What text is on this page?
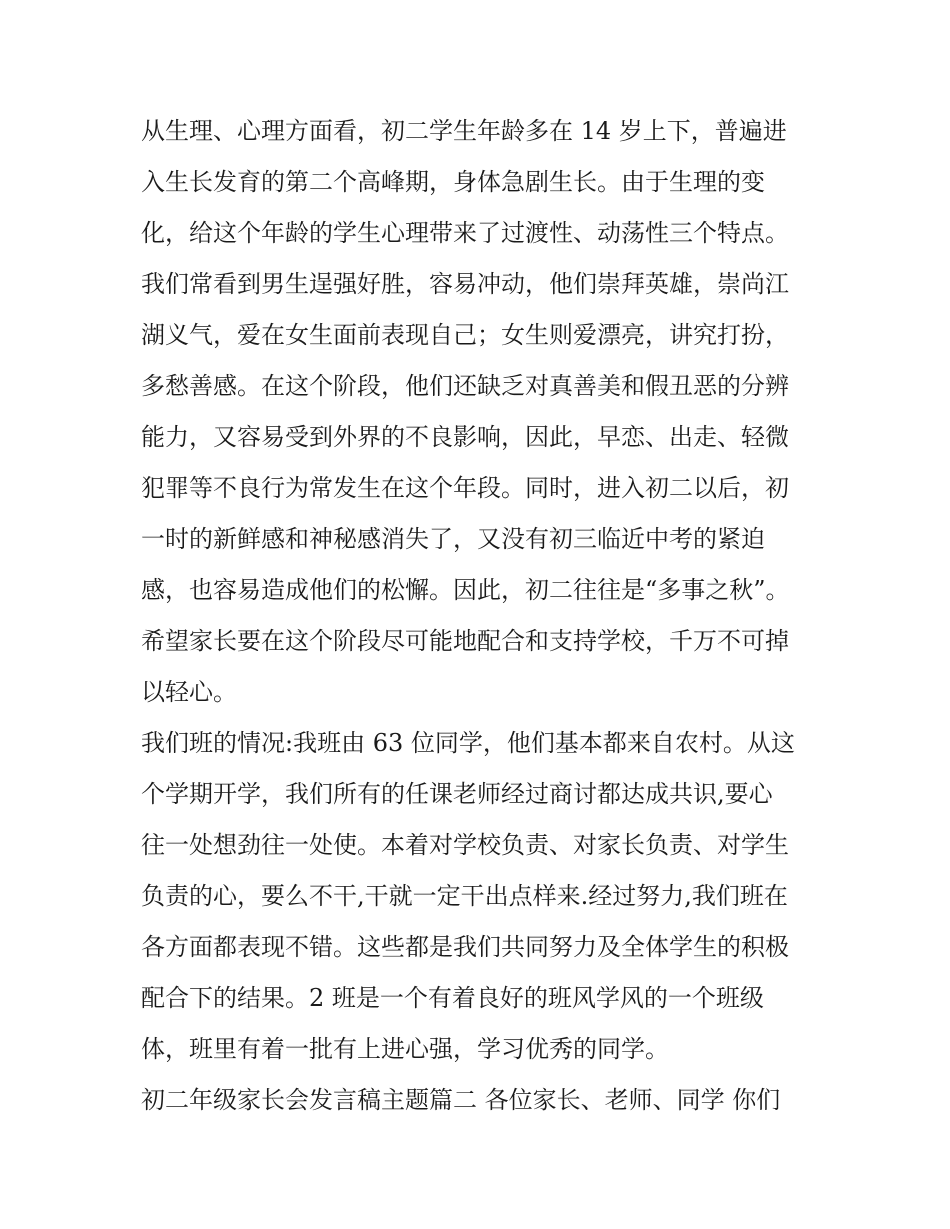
从生理、心理方面看，初二学生年龄多在 14 岁上下，普遍进
入生长发育的第二个高峰期，身体急剧生长。由于生理的变
化，给这个年龄的学生心理带来了过渡性、动荡性三个特点。
我们常看到男生逞强好胜，容易冲动，他们崇拜英雄，崇尚江
湖义气，爱在女生面前表现自己；女生则爱漂亮，讲究打扮，
多愁善感。在这个阶段，他们还缺乏对真善美和假丑恶的分辨
能力，又容易受到外界的不良影响，因此，早恋、出走、轻微
犯罪等不良行为常发生在这个年段。同时，进入初二以后，初
一时的新鲜感和神秘感消失了，又没有初三临近中考的紧迫
感，也容易造成他们的松懈。因此，初二往往是“多事之秋”。
希望家长要在这个阶段尽可能地配合和支持学校，千万不可掉
以轻心。
我们班的情况:我班由 63 位同学，他们基本都来自农村。从这
个学期开学，我们所有的任课老师经过商讨都达成共识,要心
往一处想劲往一处使。本着对学校负责、对家长负责、对学生
负责的心，要么不干,干就一定干出点样来.经过努力,我们班在
各方面都表现不错。这些都是我们共同努力及全体学生的积极
配合下的结果。2 班是一个有着良好的班风学风的一个班级
体，班里有着一批有上进心强，学习优秀的同学。
初二年级家长会发言稿主题篇二 各位家长、老师、同学 你们
